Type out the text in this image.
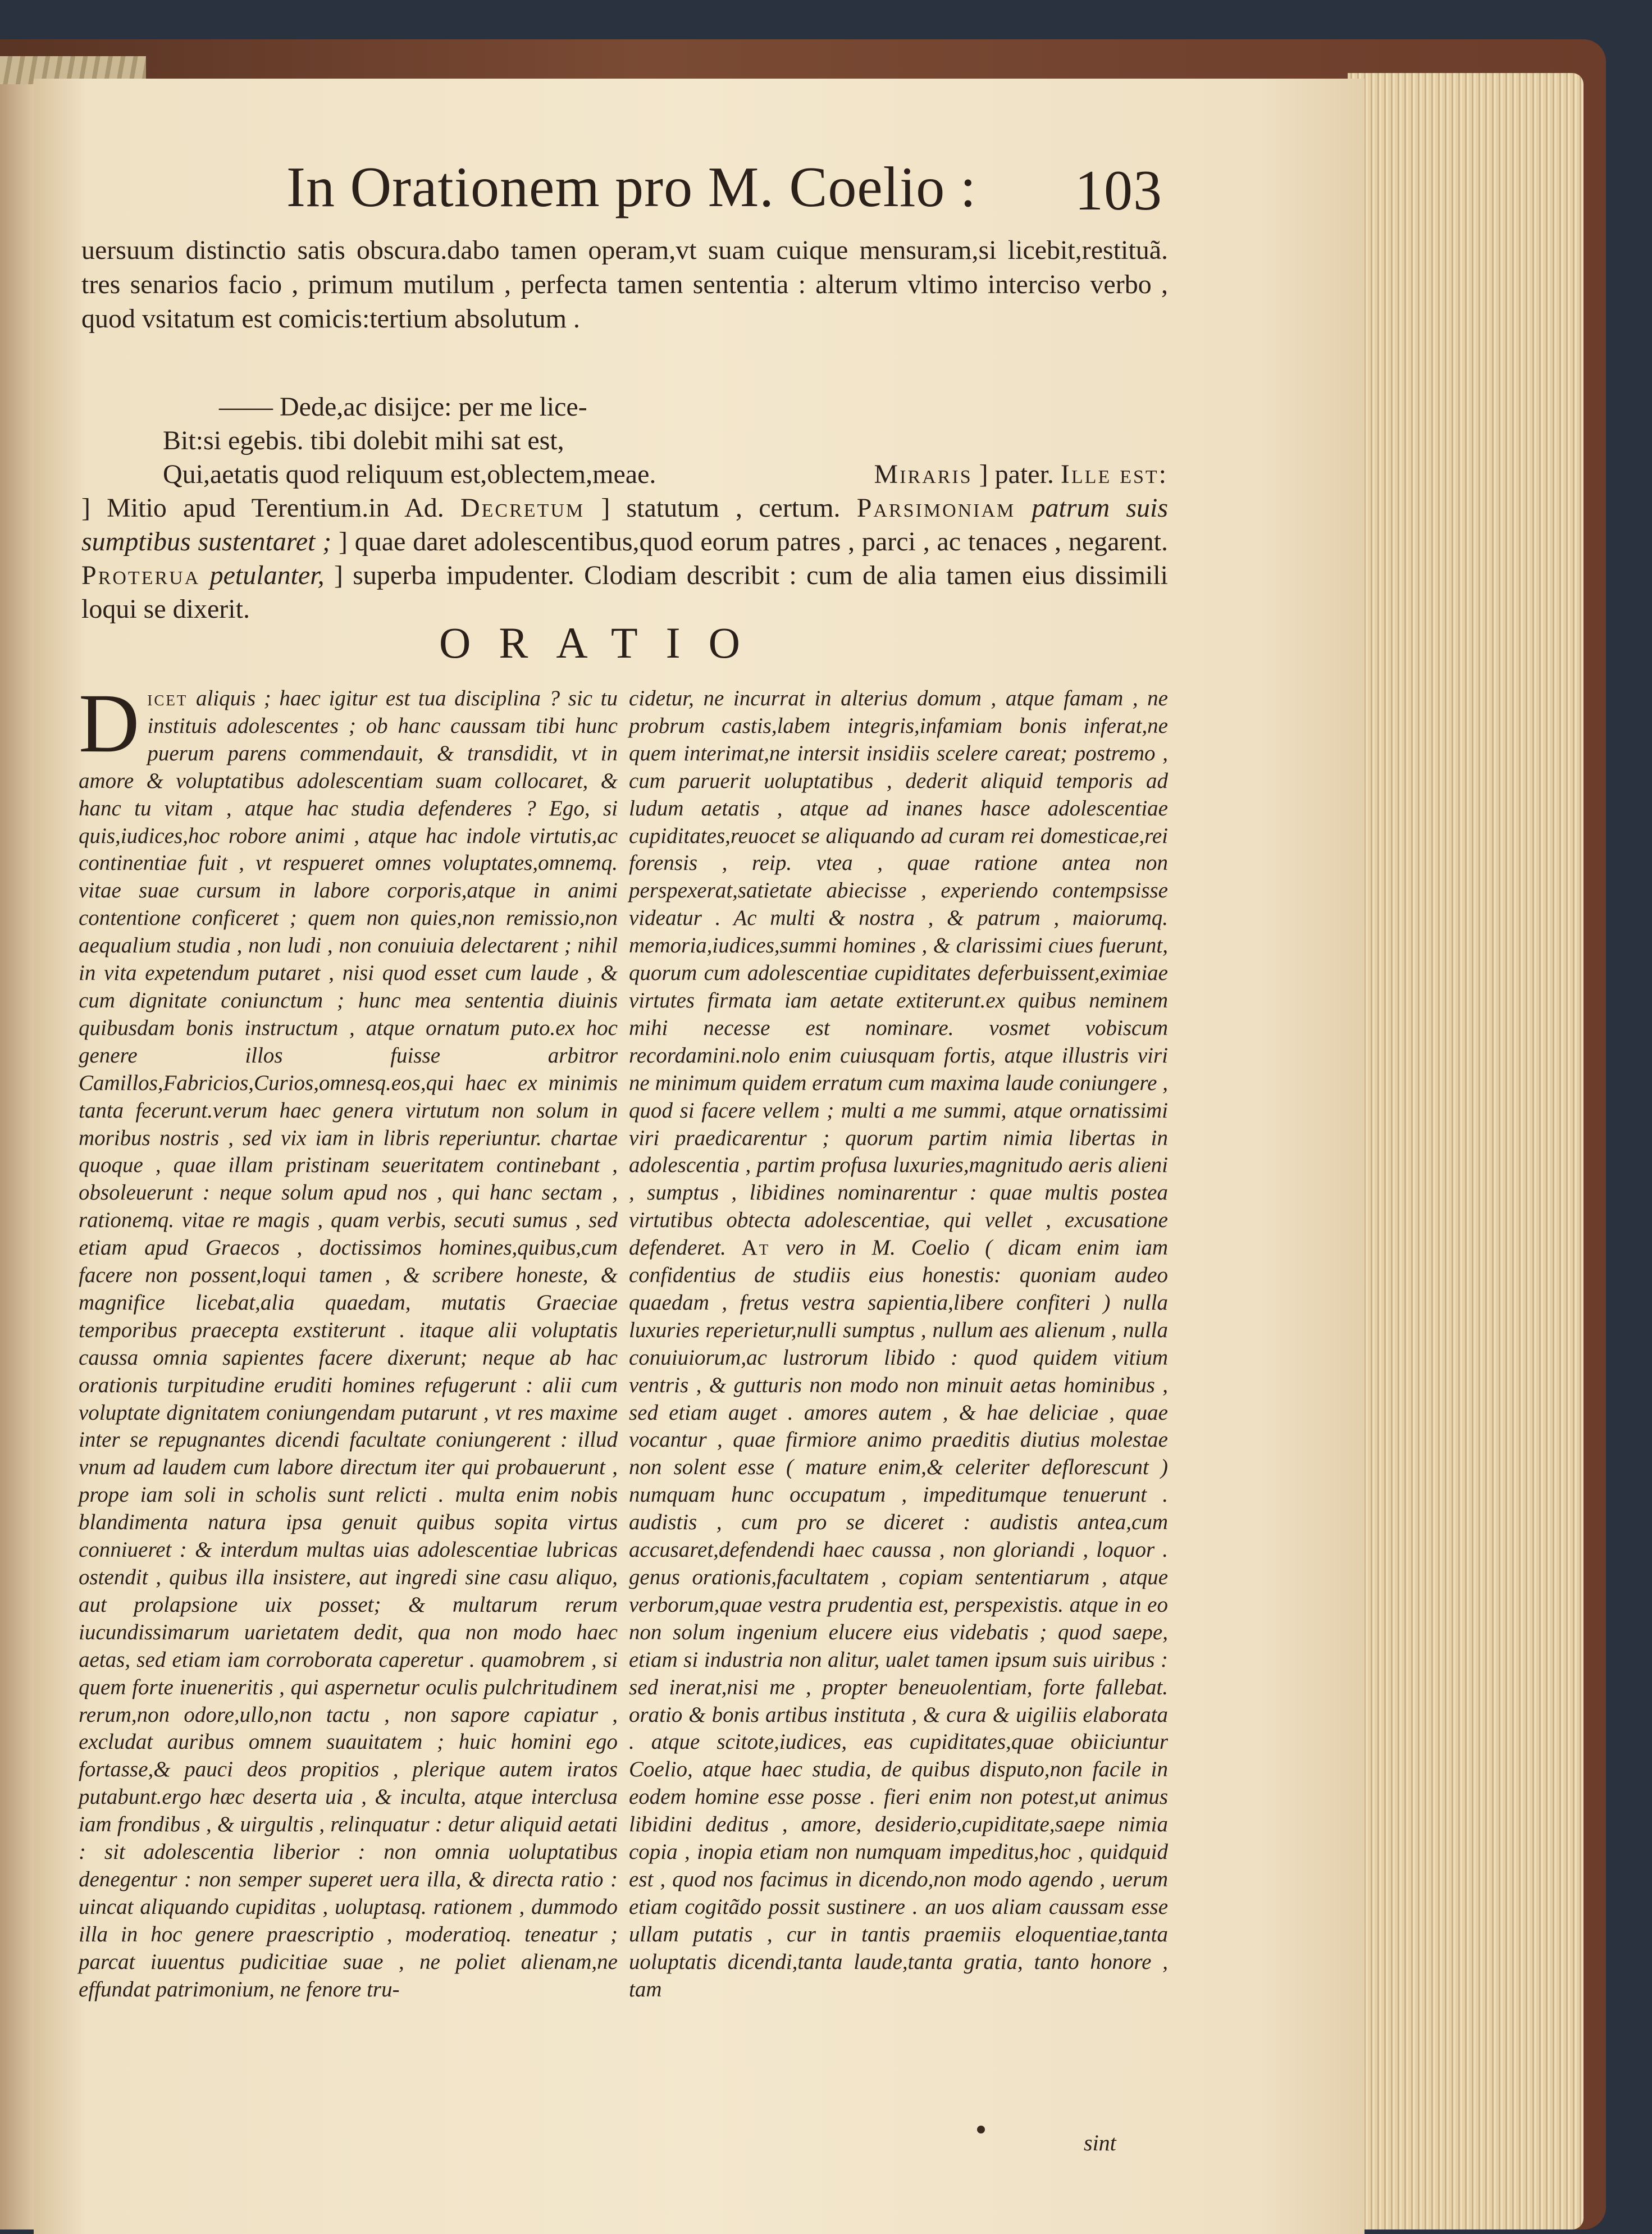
In Orationem pro M. Coelio : 103

uersuum distinctio satis obscura.dabo tamen operam,vt suam cuique mensuram,si licebit,restituã. tres senarios facio , primum mutilum , perfecta tamen sententia : alterum vltimo interciso verbo , quod vsitatum est comicis:tertium absolutum .

—— Dede,ac disijce: per me lice-
Bit:si egebis. tibi dolebit mihi sat est,
Qui,aetatis quod reliquum est,oblectem,meae.	Miraris ] pater. Ille est:
] Mitio apud Terentium.in Ad. Decretum ] statutum , certum. Parsimoniam patrum suis sumptibus sustentaret ; ] quae daret adolescentibus,quod eorum patres , parci , ac tenaces , negarent. Proterua petulanter, ] superba impudenter. Clodiam describit : cum de alia tamen eius dissimili loqui se dixerit.
ORATIO

D icet aliquis ; haec igitur est tua disciplina ? sic tu instituis adolescentes ; ob hanc caussam tibi hunc puerum parens commendauit, & transdidit, vt in amore & voluptatibus adolescentiam suam collocaret, & hanc tu vitam , atque hac studia defenderes ? Ego, si quis,iudices,hoc robore animi , atque hac indole virtutis,ac continentiae fuit , vt respueret omnes voluptates,omnemq. vitae suae cursum in labore corporis,atque in animi contentione conficeret ; quem non quies,non remissio,non aequalium studia , non ludi , non conuiuia delectarent ; nihil in vita expetendum putaret , nisi quod esset cum laude , & cum dignitate coniunctum ; hunc mea sententia diuinis quibusdam bonis instructum , atque ornatum puto.ex hoc genere illos fuisse arbitror Camillos,Fabricios,Curios,omnesq.eos,qui haec ex minimis tanta fecerunt.verum haec genera virtutum non solum in moribus nostris , sed vix iam in libris reperiuntur. chartae quoque , quae illam pristinam seueritatem continebant , obsoleuerunt : neque solum apud nos , qui hanc sectam , rationemq. vitae re magis , quam verbis, secuti sumus , sed etiam apud Graecos , doctissimos homines,quibus,cum facere non possent,loqui tamen , & scribere honeste, & magnifice licebat,alia quaedam, mutatis Graeciae temporibus praecepta exstiterunt . itaque alii voluptatis caussa omnia sapientes facere dixerunt; neque ab hac orationis turpitudine eruditi homines refugerunt : alii cum voluptate dignitatem coniungendam putarunt , vt res maxime inter se repugnantes dicendi facultate coniungerent : illud vnum ad laudem cum labore directum iter qui probauerunt , prope iam soli in scholis sunt relicti . multa enim nobis blandimenta natura ipsa genuit quibus sopita virtus conniueret : & interdum multas uias adolescentiae lubricas ostendit , quibus illa insistere, aut ingredi sine casu aliquo, aut prolapsione uix posset; & multarum rerum iucundissimarum uarietatem dedit, qua non modo haec aetas, sed etiam iam corroborata caperetur . quamobrem , si quem forte inueneritis , qui aspernetur oculis pulchritudinem rerum,non odore,ullo,non tactu , non sapore capiatur , excludat auribus omnem suauitatem ; huic homini ego fortasse,& pauci deos propitios , plerique autem iratos putabunt.ergo hæc deserta uia , & inculta, atque interclusa iam frondibus , & uirgultis , relinquatur : detur aliquid aetati : sit adolescentia liberior : non omnia uoluptatibus denegentur : non semper superet uera illa, & directa ratio : uincat aliquando cupiditas , uoluptasq. rationem , dummodo illa in hoc genere praescriptio , moderatioq. teneatur ; parcat iuuentus pudicitiae suae , ne poliet alienam,ne effundat patrimonium, ne fenore tru-

cidetur, ne incurrat in alterius domum , atque famam , ne probrum castis,labem integris,infamiam bonis inferat,ne quem interimat,ne intersit insidiis scelere careat; postremo , cum paruerit uoluptatibus , dederit aliquid temporis ad ludum aetatis , atque ad inanes hasce adolescentiae cupiditates,reuocet se aliquando ad curam rei domesticae,rei forensis , reip. vtea , quae ratione antea non perspexerat,satietate abiecisse , experiendo contempsisse videatur . Ac multi & nostra , & patrum , maiorumq. memoria,iudices,summi homines , & clarissimi ciues fuerunt, quorum cum adolescentiae cupiditates deferbuissent,eximiae virtutes firmata iam aetate extiterunt.ex quibus neminem mihi necesse est nominare. vosmet vobiscum recordamini.nolo enim cuiusquam fortis, atque illustris viri ne minimum quidem erratum cum maxima laude coniungere , quod si facere vellem ; multi a me summi, atque ornatissimi viri praedicarentur ; quorum partim nimia libertas in adolescentia , partim profusa luxuries,magnitudo aeris alieni , sumptus , libidines nominarentur : quae multis postea virtutibus obtecta adolescentiae, qui vellet , excusatione defenderet. At vero in M. Coelio ( dicam enim iam confidentius de studiis eius honestis: quoniam audeo quaedam , fretus vestra sapientia,libere confiteri ) nulla luxuries reperietur,nulli sumptus , nullum aes alienum , nulla conuiuiorum,ac lustrorum libido : quod quidem vitium ventris , & gutturis non modo non minuit aetas hominibus , sed etiam auget . amores autem , & hae deliciae , quae vocantur , quae firmiore animo praeditis diutius molestae non solent esse ( mature enim,& celeriter deflorescunt ) numquam hunc occupatum , impeditumque tenuerunt . audistis , cum pro se diceret : audistis antea,cum accusaret,defendendi haec caussa , non gloriandi , loquor . genus orationis,facultatem , copiam sententiarum , atque verborum,quae vestra prudentia est, perspexistis. atque in eo non solum ingenium elucere eius videbatis ; quod saepe, etiam si industria non alitur, ualet tamen ipsum suis uiribus : sed inerat,nisi me , propter beneuolentiam, forte fallebat. oratio & bonis artibus instituta , & cura & uigiliis elaborata . atque scitote,iudices, eas cupiditates,quae obiiciuntur Coelio, atque haec studia, de quibus disputo,non facile in eodem homine esse posse . fieri enim non potest,ut animus libidini deditus , amore, desiderio,cupiditate,saepe nimia copia , inopia etiam non numquam impeditus,hoc , quidquid est , quod nos facimus in dicendo,non modo agendo , uerum etiam cogitãdo possit sustinere . an uos aliam caussam esse ullam putatis , cur in tantis praemiis eloquentiae,tanta uoluptatis dicendi,tanta laude,tanta gratia, tanto honore , tam

sint
